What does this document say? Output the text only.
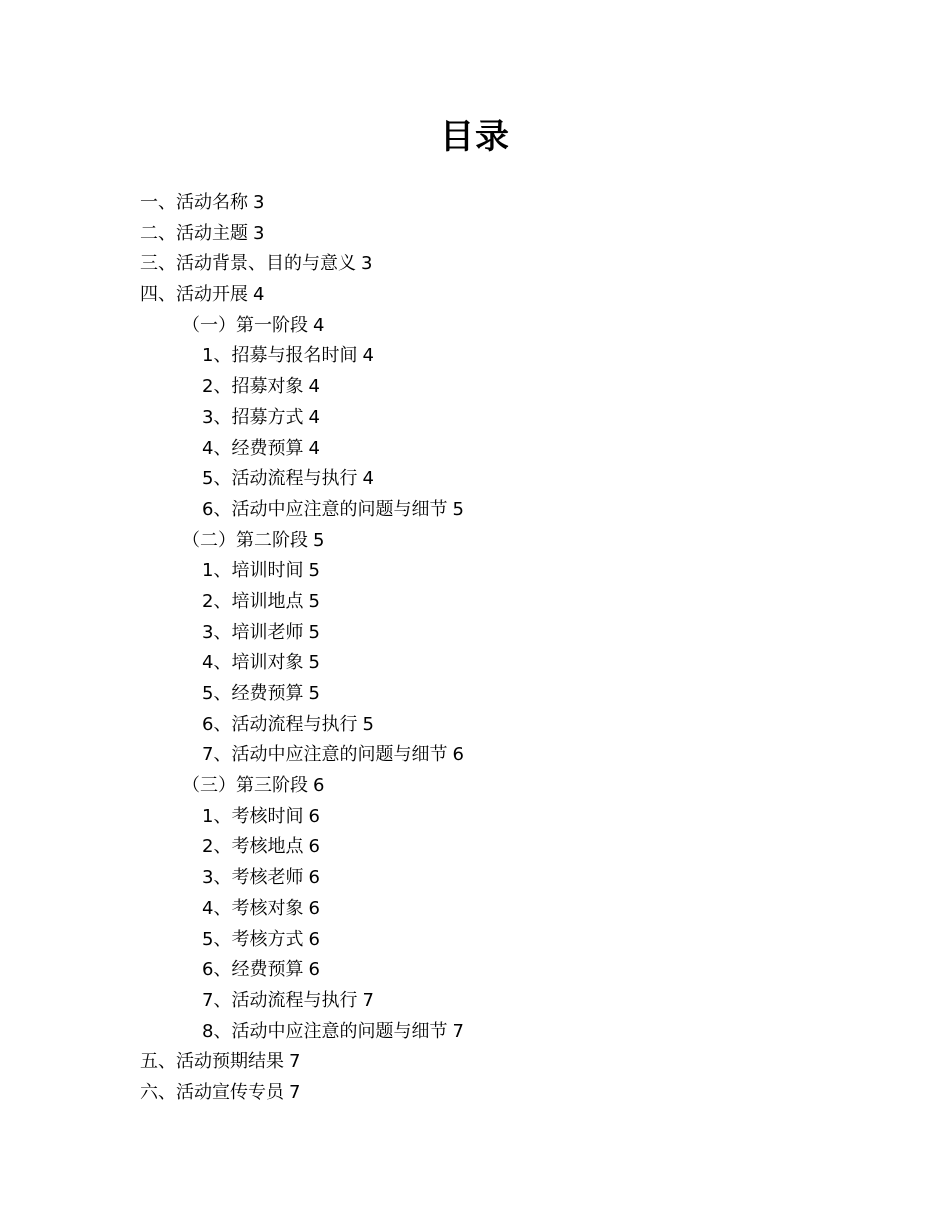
目录
一、活动名称 3
二、活动主题 3
三、活动背景、目的与意义 3
四、活动开展 4
（一）第一阶段 4
1、招募与报名时间 4
2、招募对象 4
3、招募方式 4
4、经费预算 4
5、活动流程与执行 4
6、活动中应注意的问题与细节 5
（二）第二阶段 5
1、培训时间 5
2、培训地点 5
3、培训老师 5
4、培训对象 5
5、经费预算 5
6、活动流程与执行 5
7、活动中应注意的问题与细节 6
（三）第三阶段 6
1、考核时间 6
2、考核地点 6
3、考核老师 6
4、考核对象 6
5、考核方式 6
6、经费预算 6
7、活动流程与执行 7
8、活动中应注意的问题与细节 7
五、活动预期结果 7
六、活动宣传专员 7
